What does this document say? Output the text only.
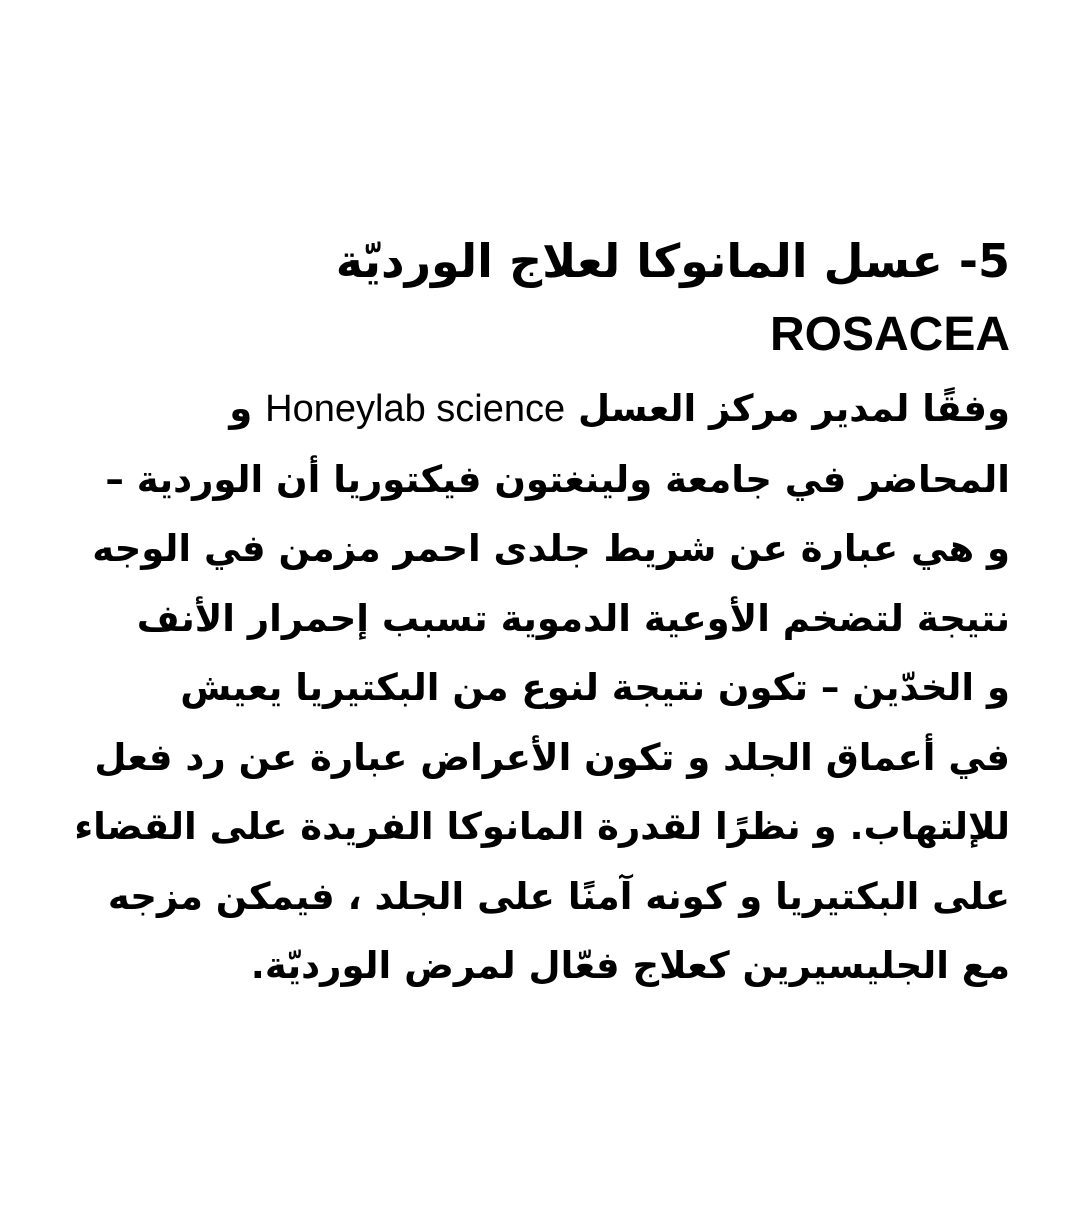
5- عسل المانوكا لعلاج الورديّة
ROSACEA
وفقًا لمدير مركز العسل Honeylab science و
المحاضر في جامعة ولينغتون فيكتوريا أن الوردية –
و هي عبارة عن شريط جلدى احمر مزمن في الوجه
نتيجة لتضخم الأوعية الدموية تسبب إحمرار الأنف
و الخدّين – تكون نتيجة لنوع من البكتيريا يعيش
في أعماق الجلد و تكون الأعراض عبارة عن رد فعل
للإلتهاب. و نظرًا لقدرة المانوكا الفريدة على القضاء
على البكتيريا و كونه آمنًا على الجلد ، فيمكن مزجه
مع الجليسيرين كعلاج فعّال لمرض الورديّة.
